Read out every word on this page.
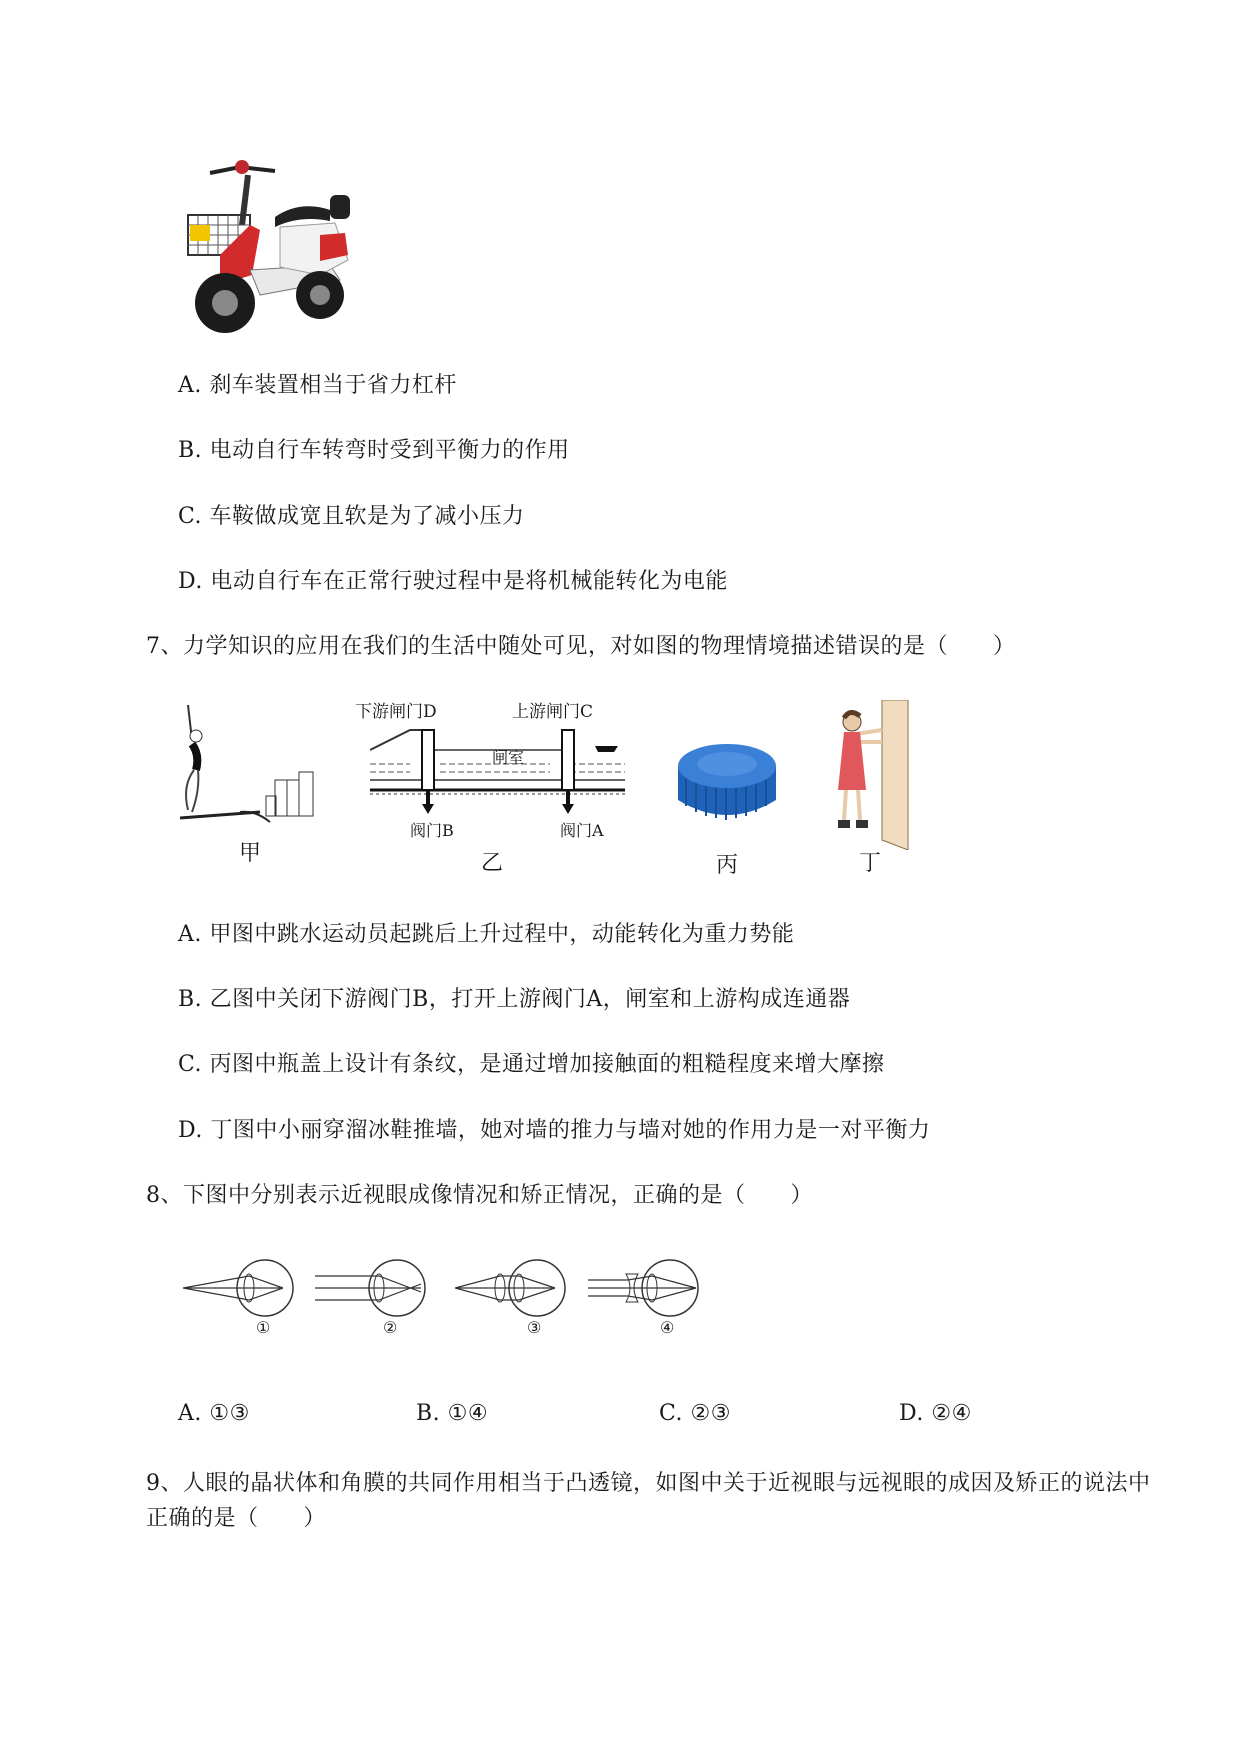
A. 刹车装置相当于省力杠杆
B. 电动自行车转弯时受到平衡力的作用
C. 车鞍做成宽且软是为了减小压力
D. 电动自行车在正常行驶过程中是将机械能转化为电能
7、力学知识的应用在我们的生活中随处可见，对如图的物理情境描述错误的是（　　）
甲
下游闸门D	上游闸门C
闸室
阀门B	阀门A
乙	丙	丁
A. 甲图中跳水运动员起跳后上升过程中，动能转化为重力势能
B. 乙图中关闭下游阀门B，打开上游阀门A，闸室和上游构成连通器
C. 丙图中瓶盖上设计有条纹，是通过增加接触面的粗糙程度来增大摩擦
D. 丁图中小丽穿溜冰鞋推墙，她对墙的推力与墙对她的作用力是一对平衡力
8、下图中分别表示近视眼成像情况和矫正情况，正确的是（　　）
①	②	③	④
A. ①③	B. ①④	C. ②③	D. ②④
9、人眼的晶状体和角膜的共同作用相当于凸透镜，如图中关于近视眼与远视眼的成因及矫正的说法中
正确的是（　　）
